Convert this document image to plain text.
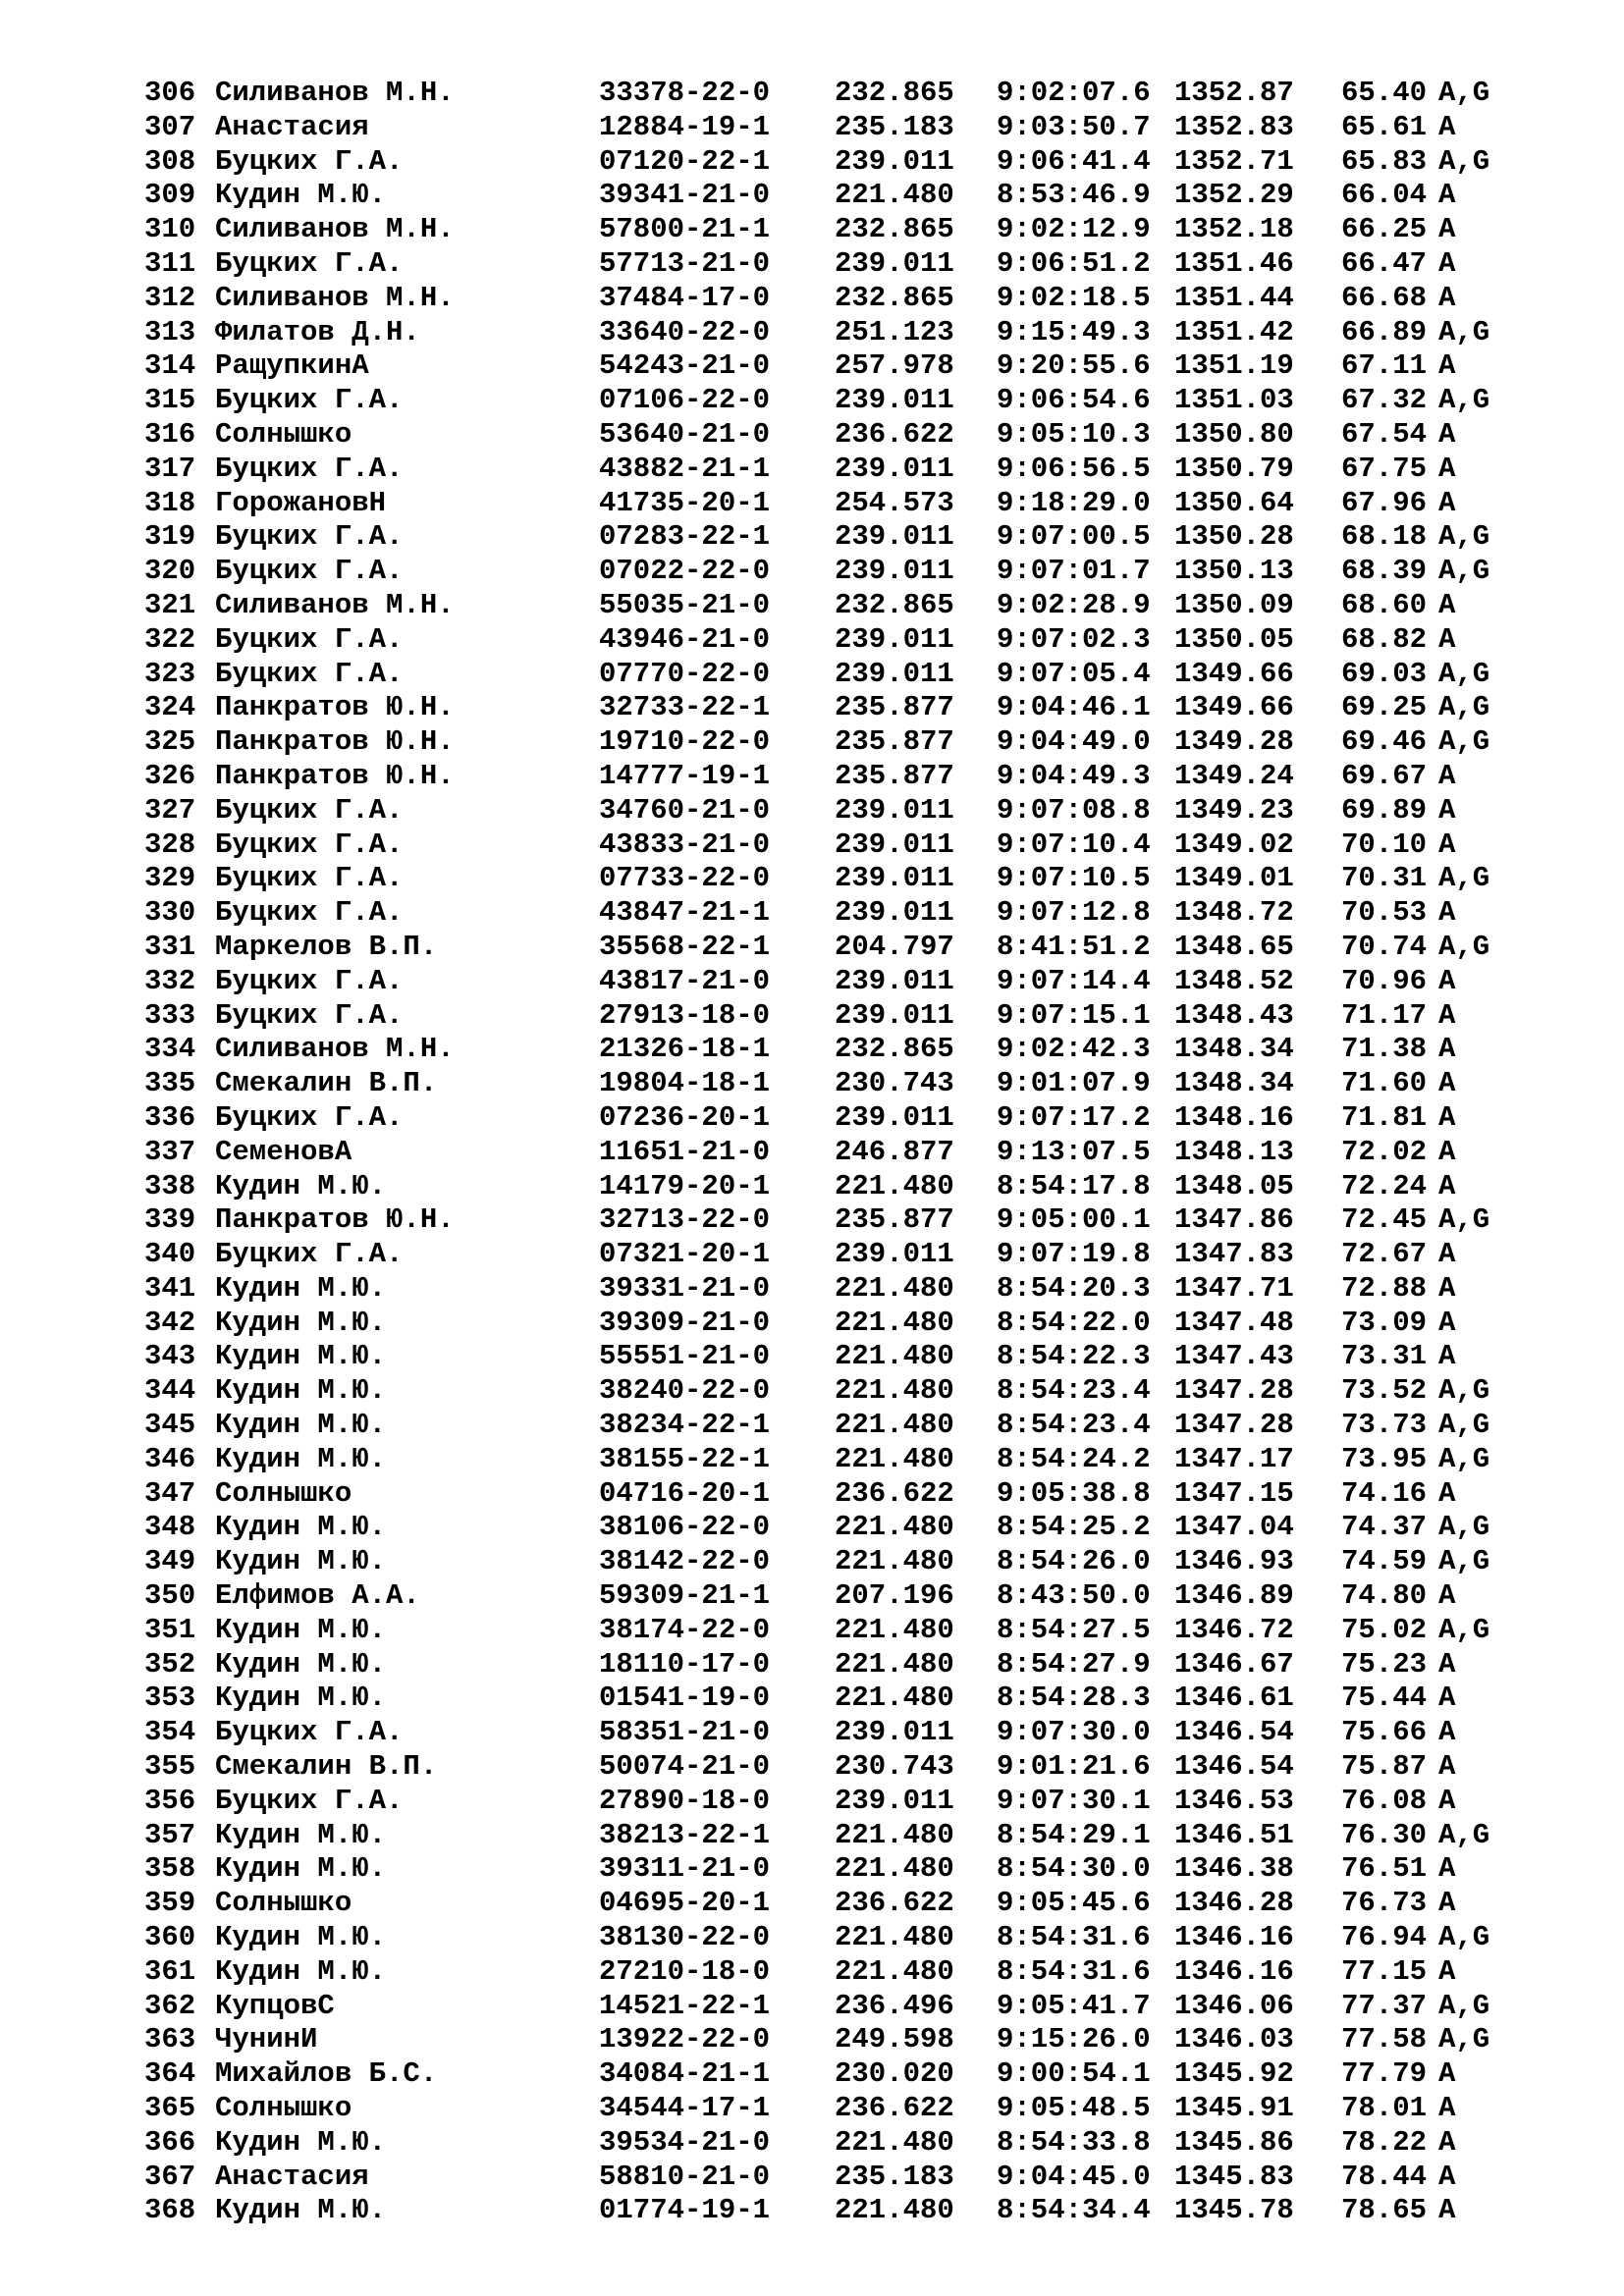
306 Силиванов М.Н.	33378-22-0 232.865 9:02:07.6 1352.87 65.40 A,G
307 Анастасия	12884-19-1 235.183 9:03:50.7 1352.83 65.61 A
308 Буцких Г.А.	07120-22-1 239.011 9:06:41.4 1352.71 65.83 A,G
309 Кудин М.Ю.	39341-21-0 221.480 8:53:46.9 1352.29 66.04 A
310 Силиванов М.Н.	57800-21-1 232.865 9:02:12.9 1352.18 66.25 A
311 Буцких Г.А.	57713-21-0 239.011 9:06:51.2 1351.46 66.47 A
312 Силиванов М.Н.	37484-17-0 232.865 9:02:18.5 1351.44 66.68 A
313 Филатов Д.Н.	33640-22-0 251.123 9:15:49.3 1351.42 66.89 A,G
314 РащупкинА	54243-21-0 257.978 9:20:55.6 1351.19 67.11 A
315 Буцких Г.А.	07106-22-0 239.011 9:06:54.6 1351.03 67.32 A,G
316 Солнышко	53640-21-0 236.622 9:05:10.3 1350.80 67.54 A
317 Буцких Г.А.	43882-21-1 239.011 9:06:56.5 1350.79 67.75 A
318 ГорожановН	41735-20-1 254.573 9:18:29.0 1350.64 67.96 A
319 Буцких Г.А.	07283-22-1 239.011 9:07:00.5 1350.28 68.18 A,G
320 Буцких Г.А.	07022-22-0 239.011 9:07:01.7 1350.13 68.39 A,G
321 Силиванов М.Н.	55035-21-0 232.865 9:02:28.9 1350.09 68.60 A
322 Буцких Г.А.	43946-21-0 239.011 9:07:02.3 1350.05 68.82 A
323 Буцких Г.А.	07770-22-0 239.011 9:07:05.4 1349.66 69.03 A,G
324 Панкратов Ю.Н.	32733-22-1 235.877 9:04:46.1 1349.66 69.25 A,G
325 Панкратов Ю.Н.	19710-22-0 235.877 9:04:49.0 1349.28 69.46 A,G
326 Панкратов Ю.Н.	14777-19-1 235.877 9:04:49.3 1349.24 69.67 A
327 Буцких Г.А.	34760-21-0 239.011 9:07:08.8 1349.23 69.89 A
328 Буцких Г.А.	43833-21-0 239.011 9:07:10.4 1349.02 70.10 A
329 Буцких Г.А.	07733-22-0 239.011 9:07:10.5 1349.01 70.31 A,G
330 Буцких Г.А.	43847-21-1 239.011 9:07:12.8 1348.72 70.53 A
331 Маркелов В.П.	35568-22-1 204.797 8:41:51.2 1348.65 70.74 A,G
332 Буцких Г.А.	43817-21-0 239.011 9:07:14.4 1348.52 70.96 A
333 Буцких Г.А.	27913-18-0 239.011 9:07:15.1 1348.43 71.17 A
334 Силиванов М.Н.	21326-18-1 232.865 9:02:42.3 1348.34 71.38 A
335 Смекалин В.П.	19804-18-1 230.743 9:01:07.9 1348.34 71.60 A
336 Буцких Г.А.	07236-20-1 239.011 9:07:17.2 1348.16 71.81 A
337 СеменовА	11651-21-0 246.877 9:13:07.5 1348.13 72.02 A
338 Кудин М.Ю.	14179-20-1 221.480 8:54:17.8 1348.05 72.24 A
339 Панкратов Ю.Н.	32713-22-0 235.877 9:05:00.1 1347.86 72.45 A,G
340 Буцких Г.А.	07321-20-1 239.011 9:07:19.8 1347.83 72.67 A
341 Кудин М.Ю.	39331-21-0 221.480 8:54:20.3 1347.71 72.88 A
342 Кудин М.Ю.	39309-21-0 221.480 8:54:22.0 1347.48 73.09 A
343 Кудин М.Ю.	55551-21-0 221.480 8:54:22.3 1347.43 73.31 A
344 Кудин М.Ю.	38240-22-0 221.480 8:54:23.4 1347.28 73.52 A,G
345 Кудин М.Ю.	38234-22-1 221.480 8:54:23.4 1347.28 73.73 A,G
346 Кудин М.Ю.	38155-22-1 221.480 8:54:24.2 1347.17 73.95 A,G
347 Солнышко	04716-20-1 236.622 9:05:38.8 1347.15 74.16 A
348 Кудин М.Ю.	38106-22-0 221.480 8:54:25.2 1347.04 74.37 A,G
349 Кудин М.Ю.	38142-22-0 221.480 8:54:26.0 1346.93 74.59 A,G
350 Елфимов А.А.	59309-21-1 207.196 8:43:50.0 1346.89 74.80 A
351 Кудин М.Ю.	38174-22-0 221.480 8:54:27.5 1346.72 75.02 A,G
352 Кудин М.Ю.	18110-17-0 221.480 8:54:27.9 1346.67 75.23 A
353 Кудин М.Ю.	01541-19-0 221.480 8:54:28.3 1346.61 75.44 A
354 Буцких Г.А.	58351-21-0 239.011 9:07:30.0 1346.54 75.66 A
355 Смекалин В.П.	50074-21-0 230.743 9:01:21.6 1346.54 75.87 A
356 Буцких Г.А.	27890-18-0 239.011 9:07:30.1 1346.53 76.08 A
357 Кудин М.Ю.	38213-22-1 221.480 8:54:29.1 1346.51 76.30 A,G
358 Кудин М.Ю.	39311-21-0 221.480 8:54:30.0 1346.38 76.51 A
359 Солнышко	04695-20-1 236.622 9:05:45.6 1346.28 76.73 A
360 Кудин М.Ю.	38130-22-0 221.480 8:54:31.6 1346.16 76.94 A,G
361 Кудин М.Ю.	27210-18-0 221.480 8:54:31.6 1346.16 77.15 A
362 КупцовС	14521-22-1 236.496 9:05:41.7 1346.06 77.37 A,G
363 ЧунинИ	13922-22-0 249.598 9:15:26.0 1346.03 77.58 A,G
364 Михайлов Б.С.	34084-21-1 230.020 9:00:54.1 1345.92 77.79 A
365 Солнышко	34544-17-1 236.622 9:05:48.5 1345.91 78.01 A
366 Кудин М.Ю.	39534-21-0 221.480 8:54:33.8 1345.86 78.22 A
367 Анастасия	58810-21-0 235.183 9:04:45.0 1345.83 78.44 A
368 Кудин М.Ю.	01774-19-1 221.480 8:54:34.4 1345.78 78.65 A
